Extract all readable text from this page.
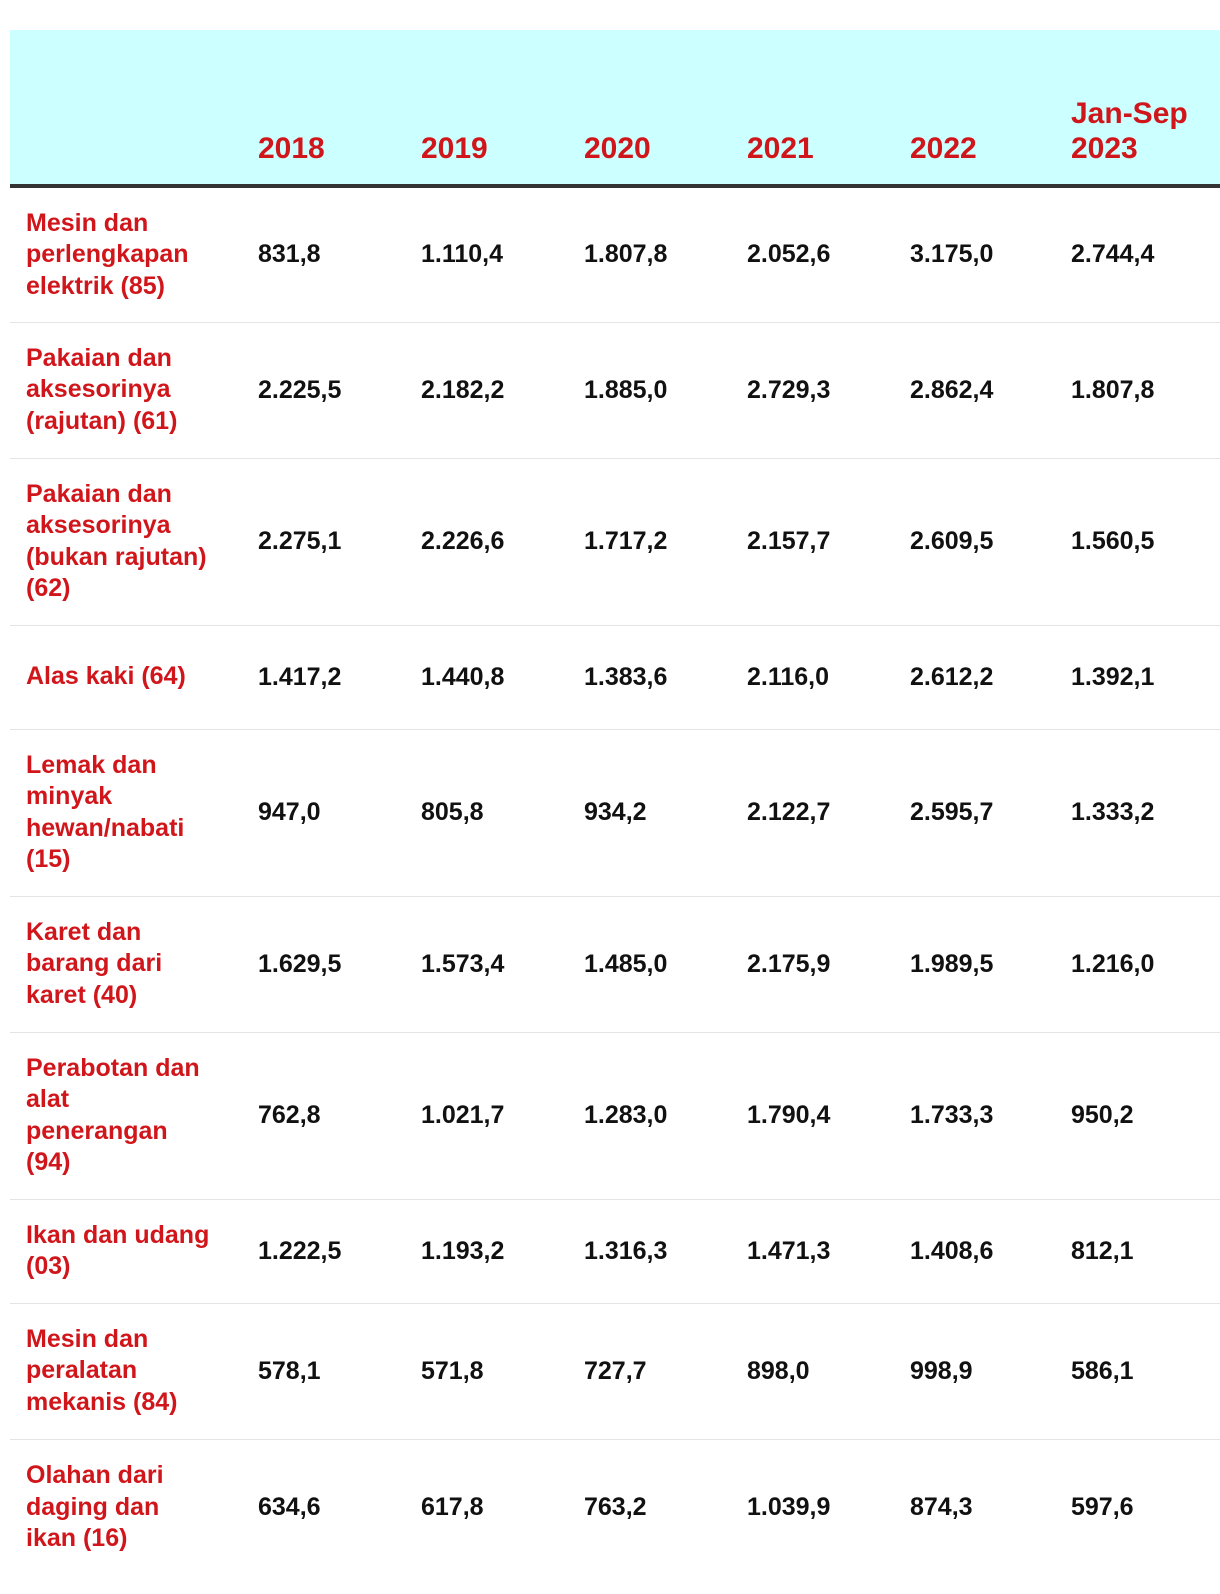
	2018	2019	2020	2021	2022	Jan-Sep 2023
Mesin dan perlengkapan elektrik (85)	831,8	1.110,4	1.807,8	2.052,6	3.175,0	2.744,4
Pakaian dan aksesorinya (rajutan) (61)	2.225,5	2.182,2	1.885,0	2.729,3	2.862,4	1.807,8
Pakaian dan aksesorinya (bukan rajutan) (62)	2.275,1	2.226,6	1.717,2	2.157,7	2.609,5	1.560,5
Alas kaki (64)	1.417,2	1.440,8	1.383,6	2.116,0	2.612,2	1.392,1
Lemak dan minyak hewan/nabati (15)	947,0	805,8	934,2	2.122,7	2.595,7	1.333,2
Karet dan barang dari karet (40)	1.629,5	1.573,4	1.485,0	2.175,9	1.989,5	1.216,0
Perabotan dan alat penerangan (94)	762,8	1.021,7	1.283,0	1.790,4	1.733,3	950,2
Ikan dan udang (03)	1.222,5	1.193,2	1.316,3	1.471,3	1.408,6	812,1
Mesin dan peralatan mekanis (84)	578,1	571,8	727,7	898,0	998,9	586,1
Olahan dari daging dan ikan (16)	634,6	617,8	763,2	1.039,9	874,3	597,6
